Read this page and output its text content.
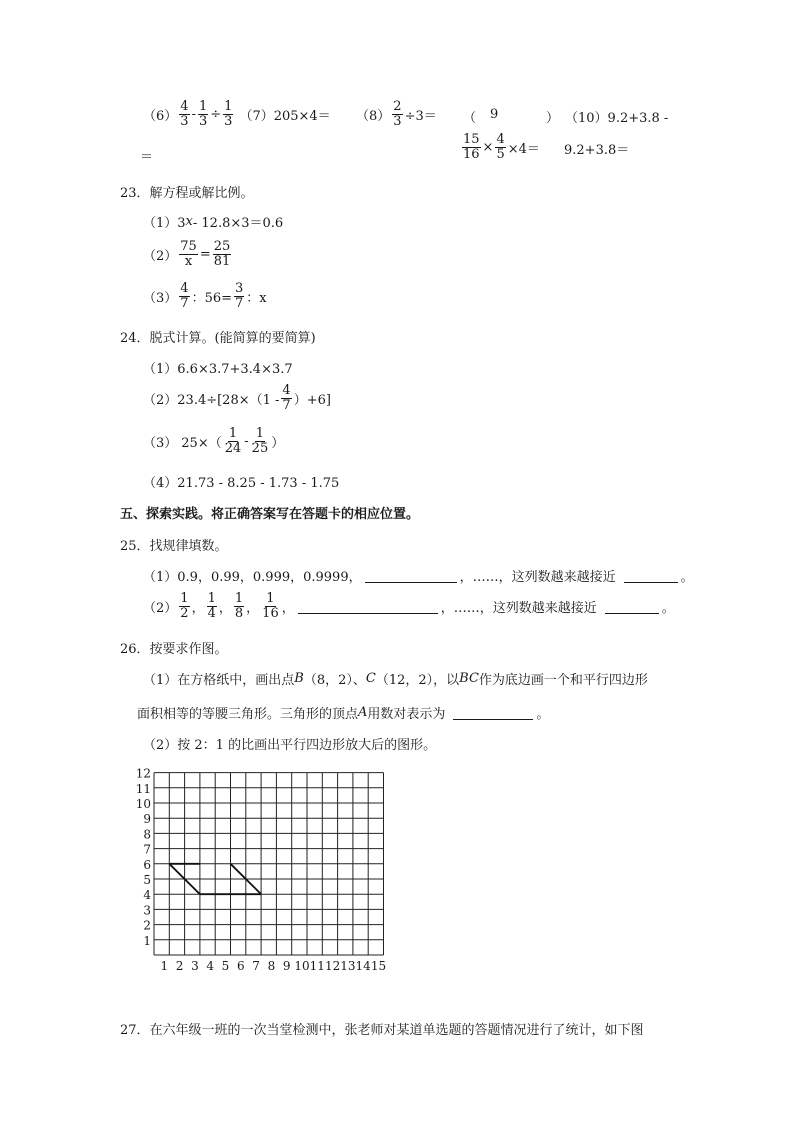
$(6) \frac{4}{3} - \frac{1}{3} \div \frac{1}{3} (7)205\times 4= (8) \frac{2}{3} \div 3=$ （ 9	） （10）9.2+3.8 -
＝	$\frac{15}{16} \times \frac{4}{5} \times 4= 9.2+3.8=$
23．解方程或解比例。
（1）3 x - 12.8×3＝0.6
$(2) \frac{75}{x} = \frac{25}{81}$
$(3) \frac{4}{7}$ ：$56= \frac{3}{7}$ ：x
24．脱式计算。(能简算的要简算)
（1）6.6×3.7+3.4×3.7
$(2)23.4\div[28\times(1 - \frac{4}{7} )+6]$
（3） $25\times( \frac{1}{24} - \frac{1}{25}$ ）
（4）21.73 - 8.25 - 1.73 - 1.75
五、探索实践。将正确答案写在答题卡的相应位置。
25．找规律填数。
（1）0.9，0.99，0.999，0.9999，	，……，这列数越来越接近	。
$(2) \frac{1}{2}$ ， $\frac{1}{4}$ ， $\frac{1}{8}$ ， $\frac{1}{16}$ ，	，……，这列数越来越接近	。
26．按要求作图。
（1）在方格纸中，画出点 B （8，2）、 C （12，2），以 BC 作为底边画一个和平行四边形
面积相等的等腰三角形。三角形的顶点 A 用数对表示为	。
（2）按 2：1 的比画出平行四边形放大后的图形。
1 2 3 4 5 6 7 8 9 10 11 12 13 14 15
1
2
3
4
5
6
7
8
9
10
11
12
27．在六年级一班的一次当堂检测中，张老师对某道单选题的答题情况进行了统计，如下图
